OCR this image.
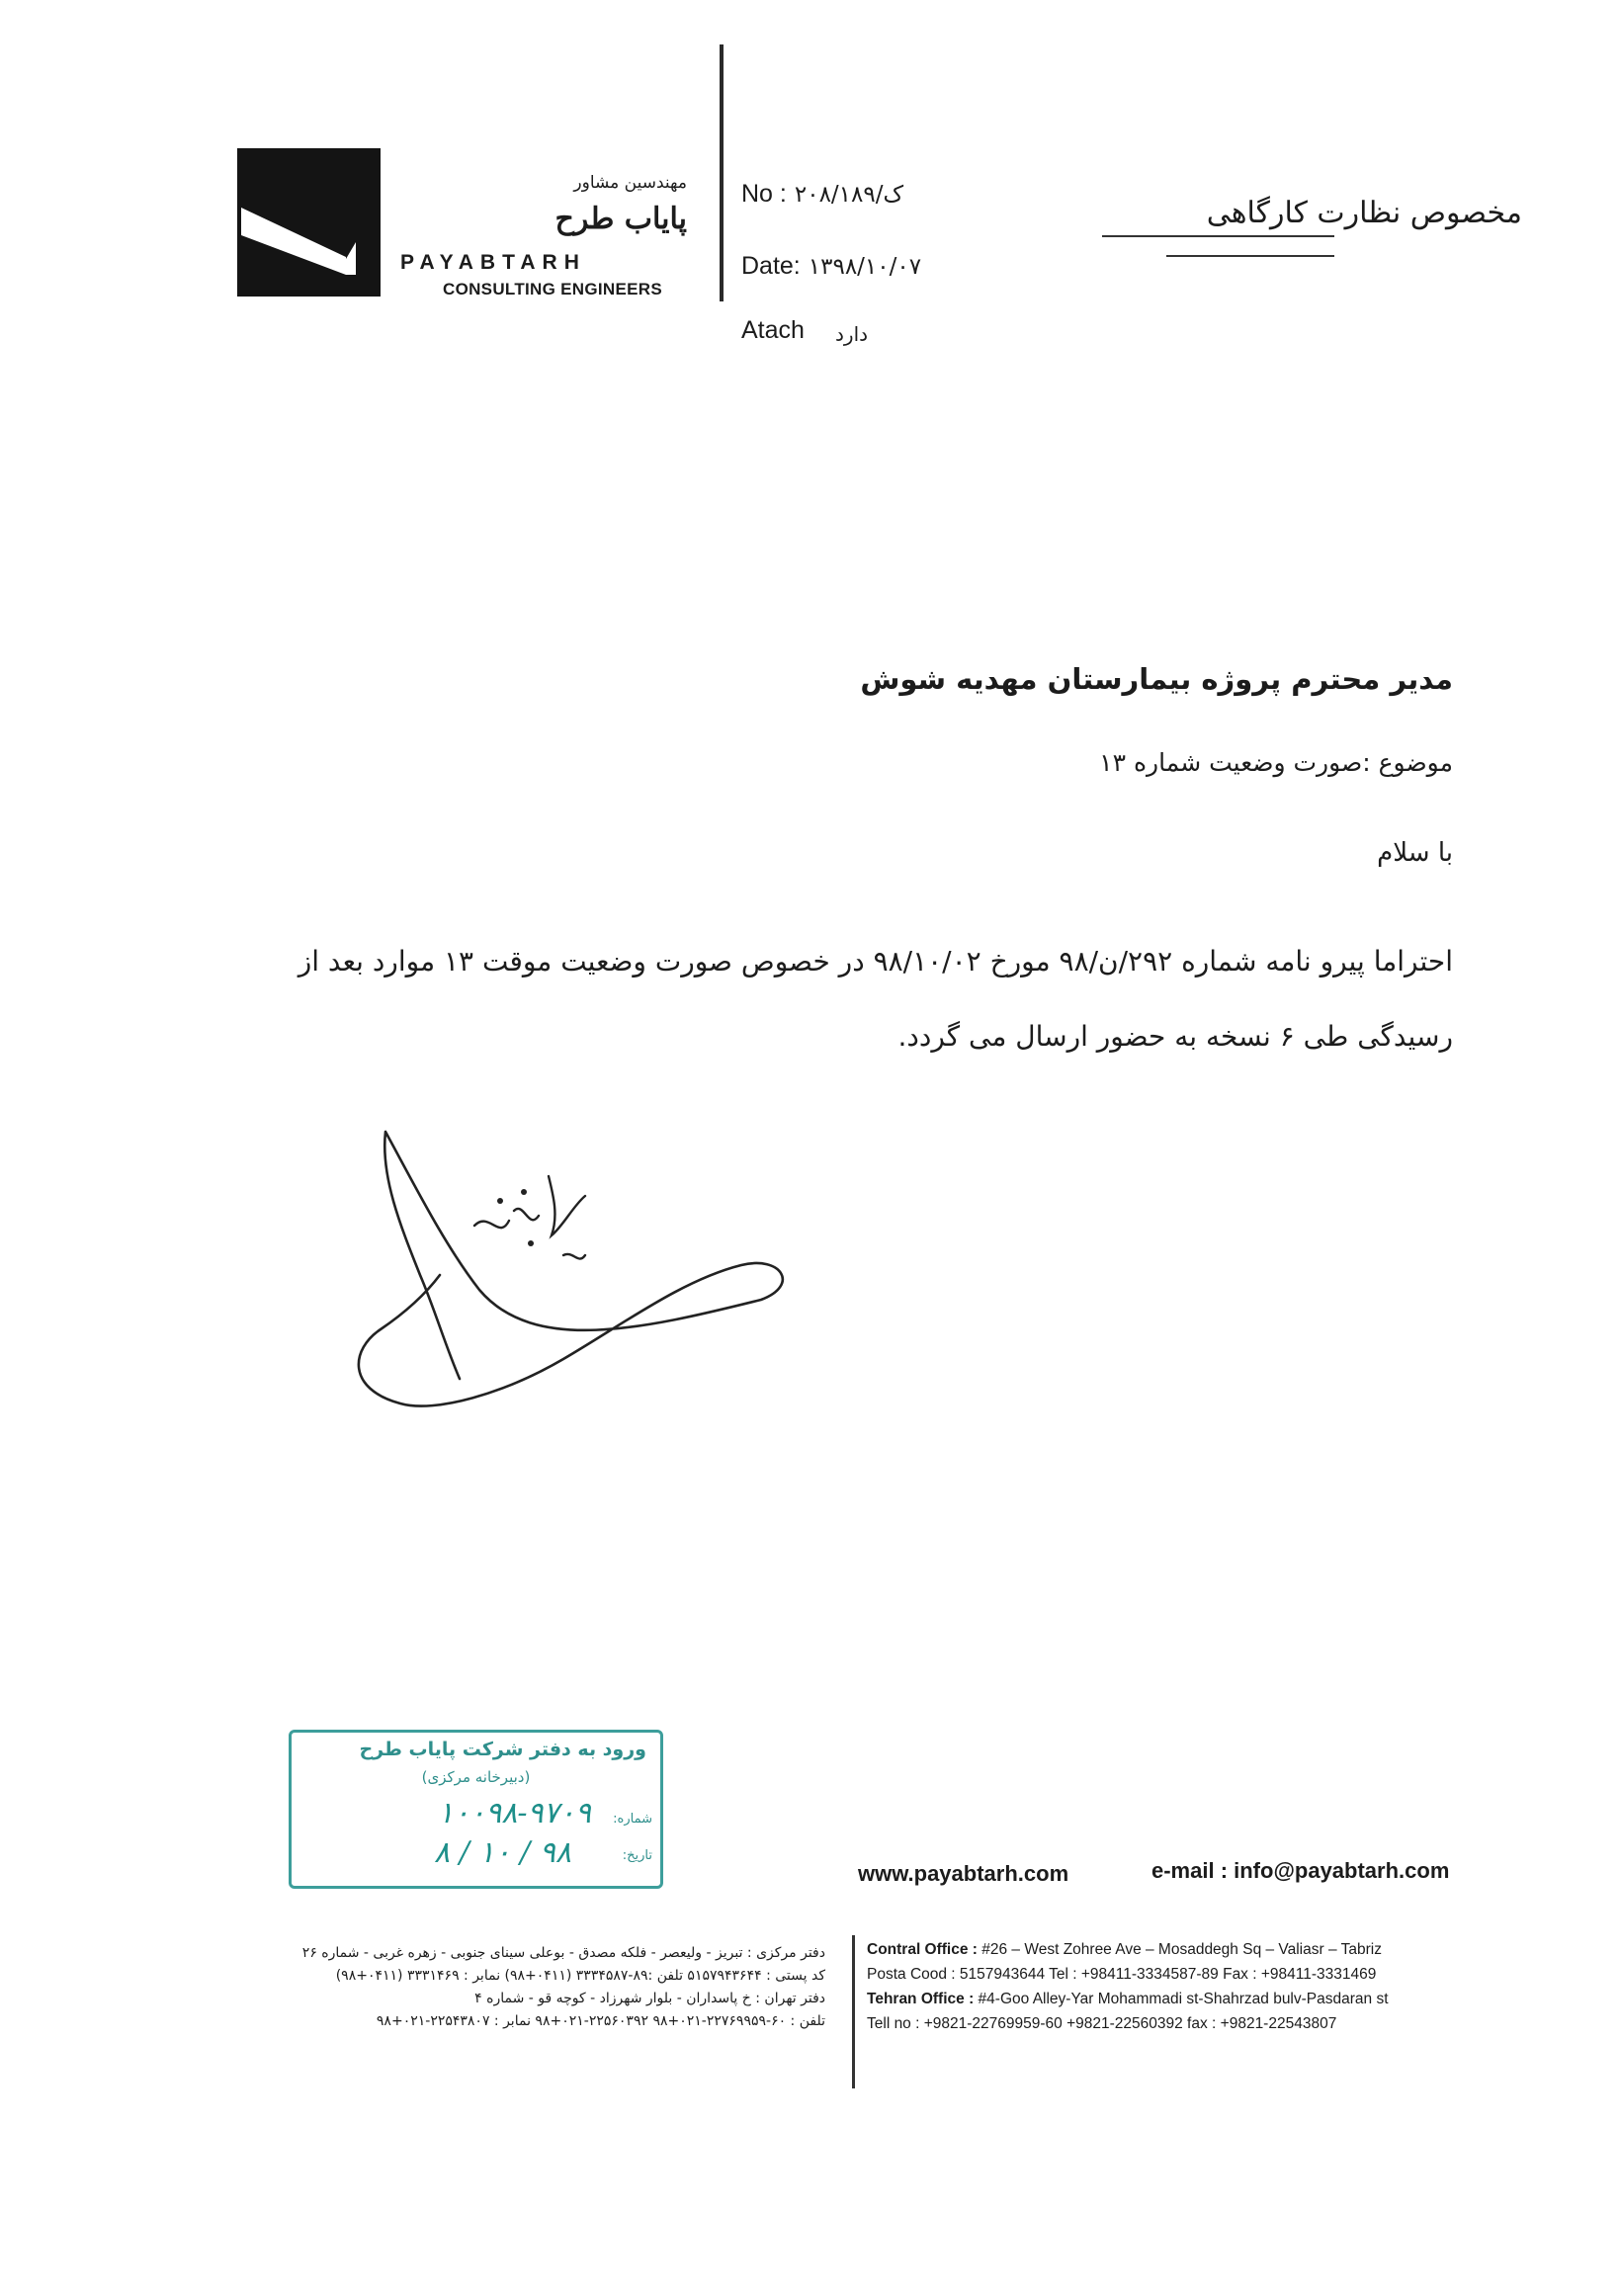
مهندسین مشاور
پایاب طرح
PAYABTARH
CONSULTING ENGINEERS
No : ۲۰۸/ک/۱۸۹
Date: ۱۳۹۸/۱۰/۰۷
Atach دارد
مخصوص نظارت کارگاهی
مدیر محترم پروژه بیمارستان مهدیه شوش
موضوع :صورت وضعیت شماره ۱۳
با سلام
احتراما پیرو نامه شماره ۲۹۲/ن/۹۸ مورخ ۹۸/۱۰/۰۲ در خصوص صورت وضعیت موقت ۱۳ موارد بعد از
رسیدگی طی ۶ نسخه به حضور ارسال می گردد.
ورود به دفتر شرکت پایاب طرح
(دبیرخانه مرکزی)
شماره:
۱۰۰۹۸-۹۷۰۹
تاریخ:
۹۸ / ۱۰ / ۸
www.payabtarh.com	e-mail : info@payabtarh.com
دفتر مرکزی : تبریز - ولیعصر - فلکه مصدق - بوعلی سینای جنوبی - زهره غربی - شماره ۲۶
کد پستی : ۵۱۵۷۹۴۳۶۴۴ تلفن :۸۹-۳۳۳۴۵۸۷ (۰۴۱۱+۹۸) نمابر : ۳۳۳۱۴۶۹ (۰۴۱۱+۹۸)
دفتر تهران : خ پاسداران - بلوار شهرزاد - کوچه قو - شماره ۴
تلفن : ۶۰-۲۲۷۶۹۹۵۹-۰۲۱+۹۸ ۲۲۵۶۰۳۹۲-۰۲۱+۹۸ نمابر : ۲۲۵۴۳۸۰۷-۰۲۱+۹۸
Contral Office : #26 – West Zohree Ave – Mosaddegh Sq – Valiasr – Tabriz
Posta Cood : 5157943644 Tel : +98411-3334587-89 Fax : +98411-3331469
Tehran Office : #4-Goo Alley-Yar Mohammadi st-Shahrzad bulv-Pasdaran st
Tell no : +9821-22769959-60 +9821-22560392 fax : +9821-22543807
